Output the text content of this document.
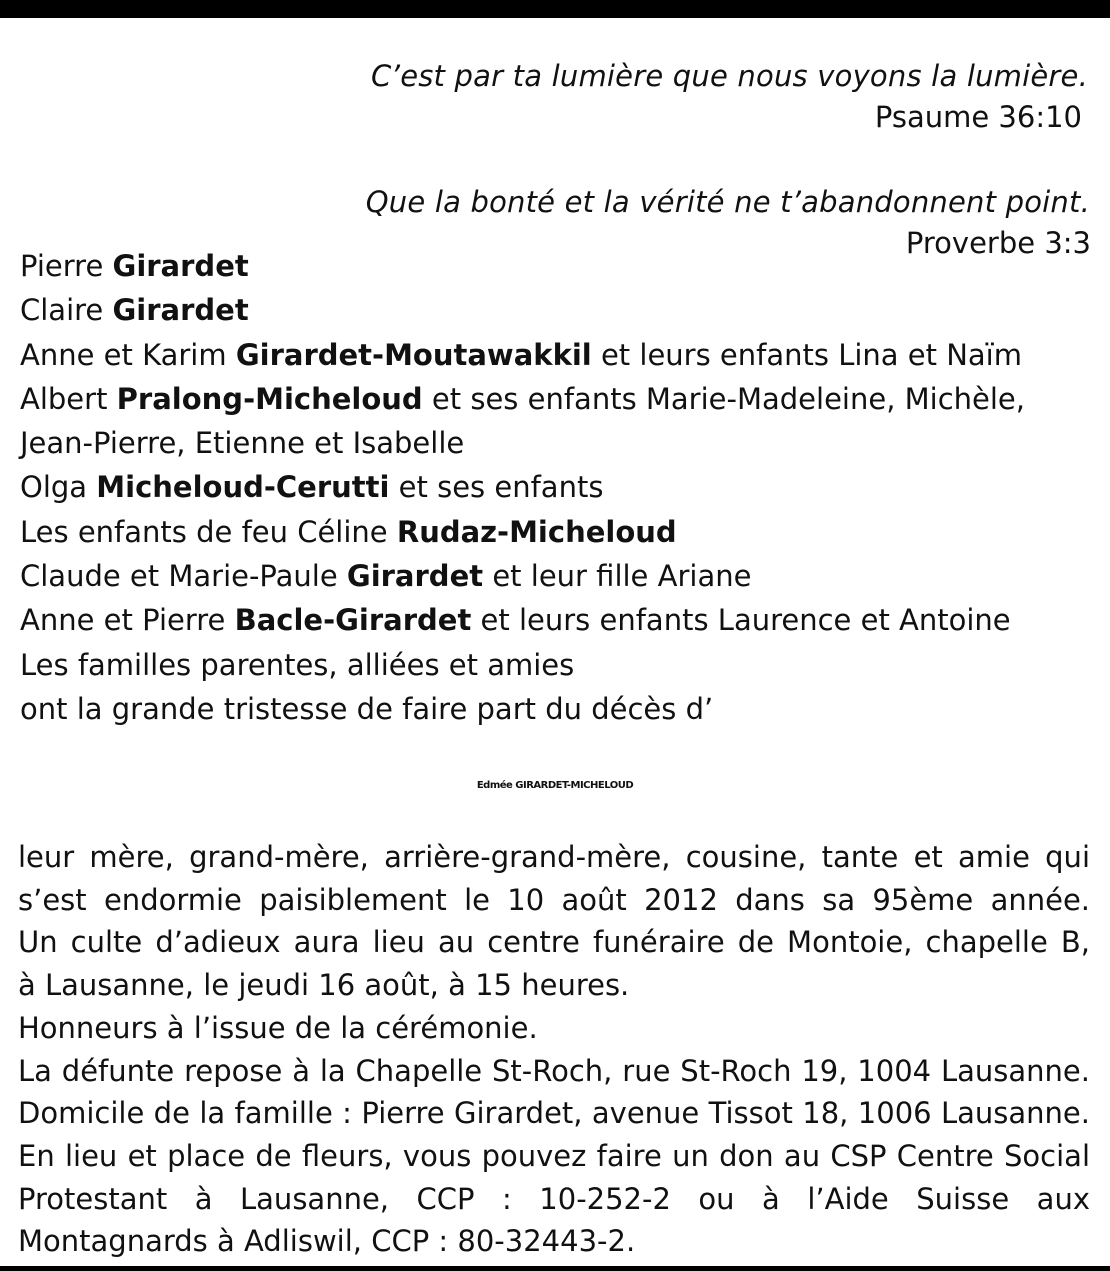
C’est par ta lumière que nous voyons la lumière.
Psaume 36:10
Que la bonté et la vérité ne t’abandonnent point.
Proverbe 3:3
Pierre Girardet
Claire Girardet
Anne et Karim Girardet-Moutawakkil et leurs enfants Lina et Naïm
Albert Pralong-Micheloud et ses enfants Marie-Madeleine, Michèle,
Jean-Pierre, Etienne et Isabelle
Olga Micheloud-Cerutti et ses enfants
Les enfants de feu Céline Rudaz-Micheloud
Claude et Marie-Paule Girardet et leur fille Ariane
Anne et Pierre Bacle-Girardet et leurs enfants Laurence et Antoine
Les familles parentes, alliées et amies
ont la grande tristesse de faire part du décès d’
Edmée GIRARDET-MICHELOUD

leur mère, grand-mère, arrière-grand-mère, cousine, tante et amie qui

s’est endormie paisiblement le 10 août 2012 dans sa 95ème année.

Un culte d’adieux aura lieu au centre funéraire de Montoie, chapelle B,

à Lausanne, le jeudi 16 août, à 15 heures.

Honneurs à l’issue de la cérémonie.

La défunte repose à la Chapelle St-Roch, rue St-Roch 19, 1004 Lausanne.

Domicile de la famille : Pierre Girardet, avenue Tissot 18, 1006 Lausanne.

En lieu et place de fleurs, vous pouvez faire un don au CSP Centre Social

Protestant à Lausanne, CCP : 10-252-2 ou à l’Aide Suisse aux

Montagnards à Adliswil, CCP : 80-32443-2.
